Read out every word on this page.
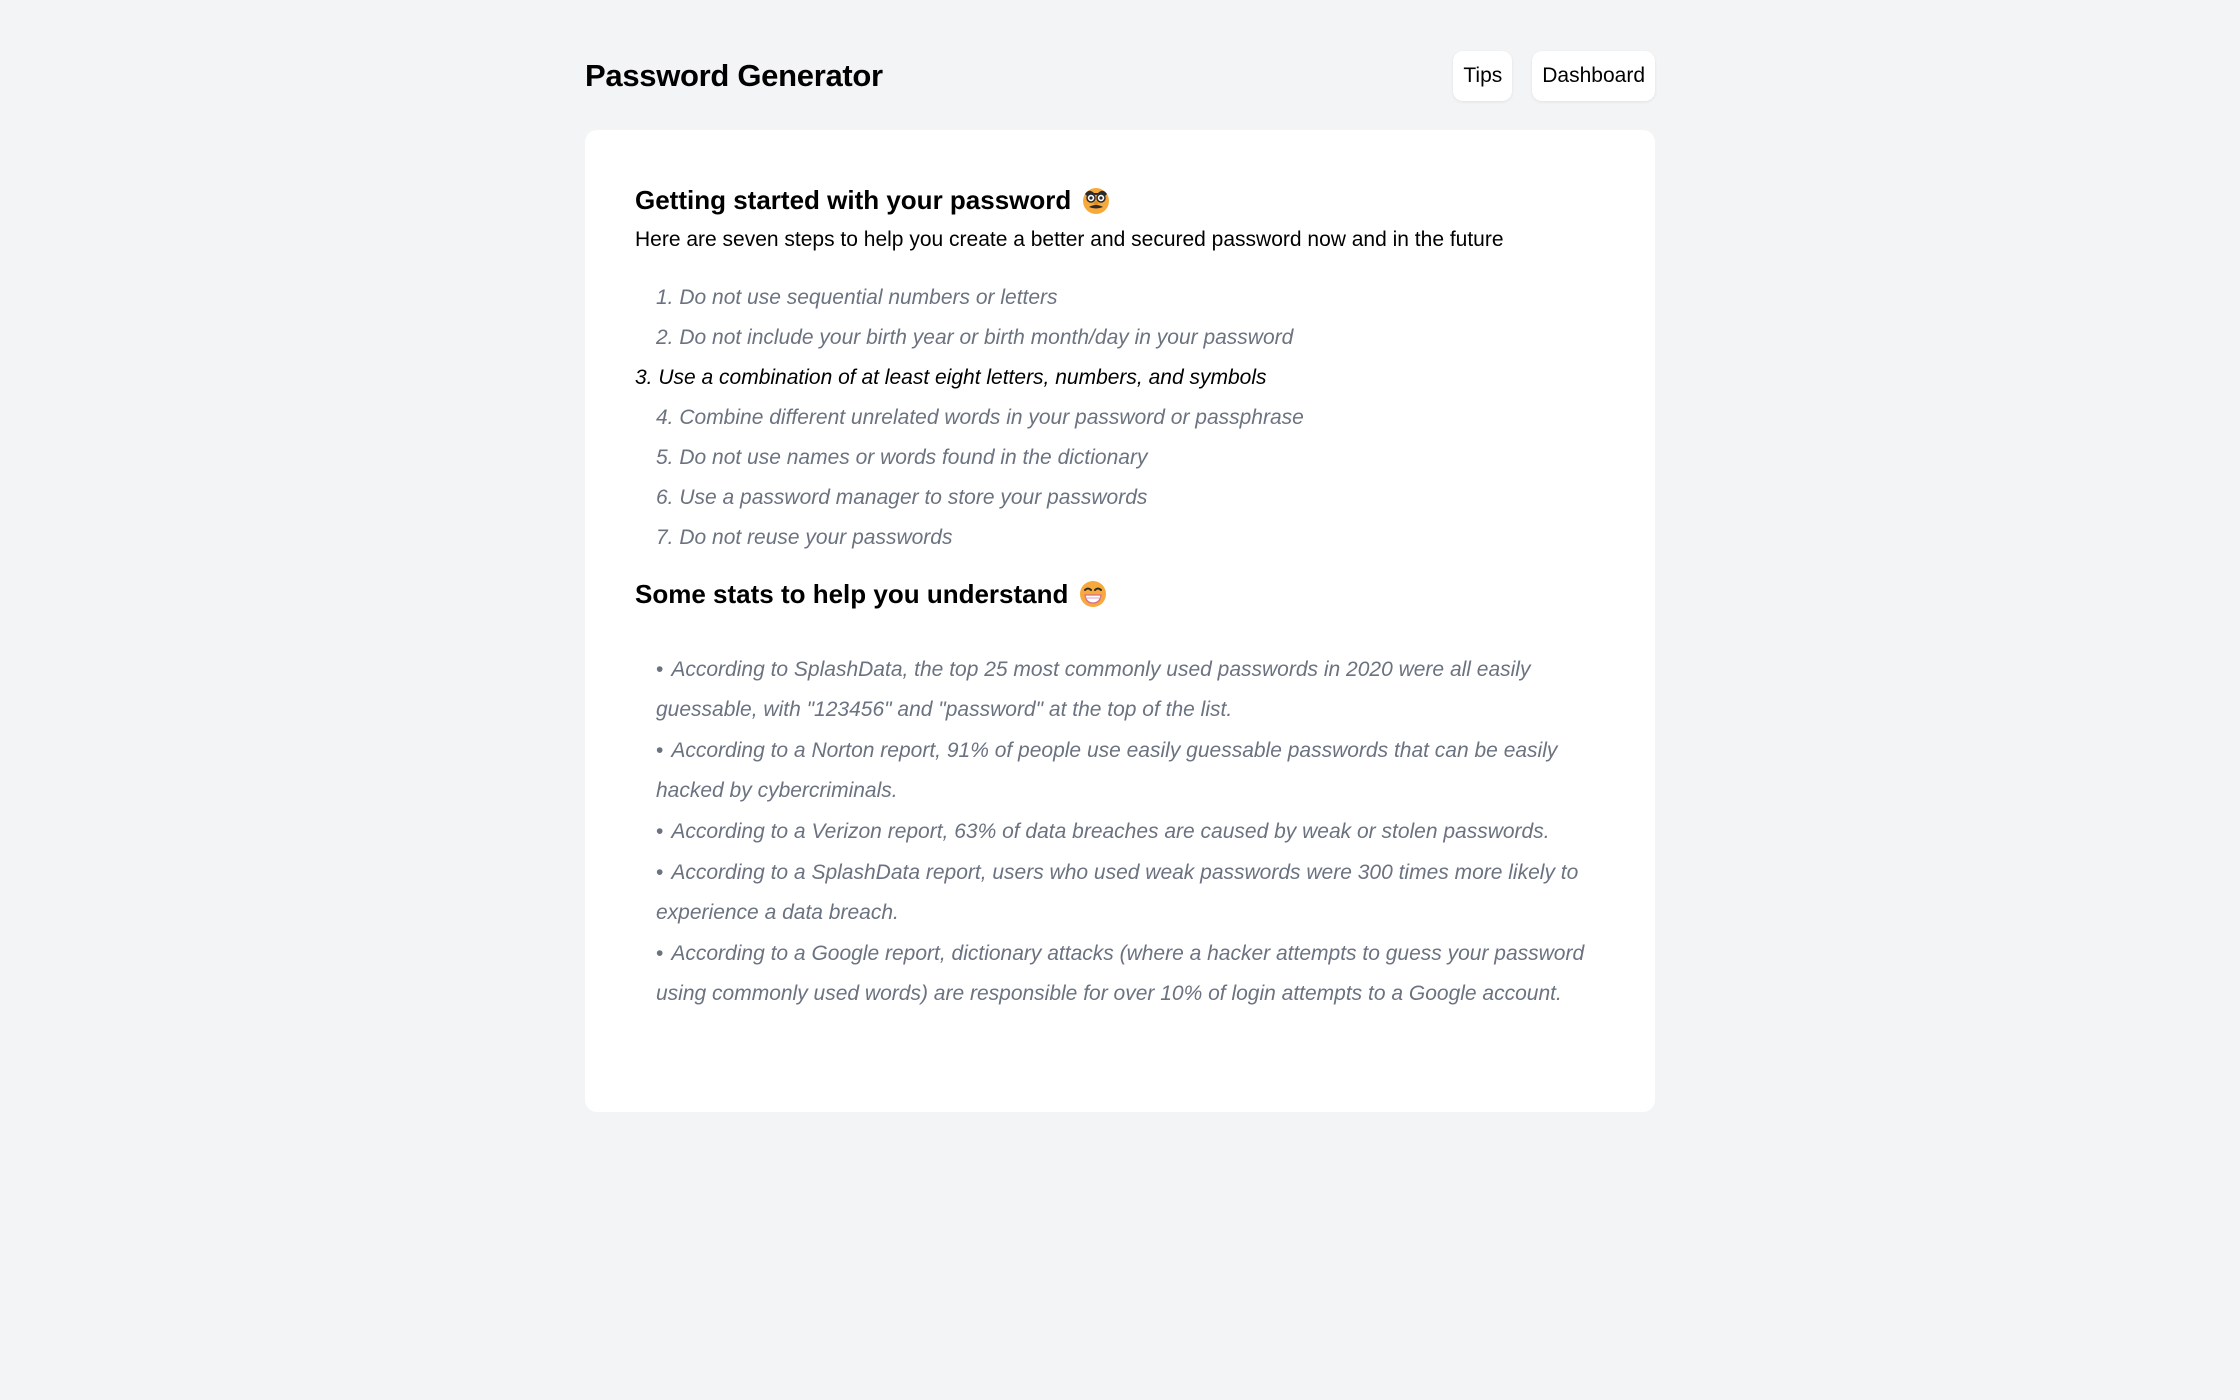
Password Generator	Tips	Dashboard
Getting started with your password

Here are seven steps to help you create a better and secured password now and in the future

1. Do not use sequential numbers or letters
2. Do not include your birth year or birth month/day in your password
3. Use a combination of at least eight letters, numbers, and symbols
4. Combine different unrelated words in your password or passphrase
5. Do not use names or words found in the dictionary
6. Use a password manager to store your passwords
7. Do not reuse your passwords
Some stats to help you understand
• According to SplashData, the top 25 most commonly used passwords in 2020 were all easily guessable, with "123456" and "password" at the top of the list.
• According to a Norton report, 91% of people use easily guessable passwords that can be easily hacked by cybercriminals.
• According to a Verizon report, 63% of data breaches are caused by weak or stolen passwords.
• According to a SplashData report, users who used weak passwords were 300 times more likely to experience a data breach.
• According to a Google report, dictionary attacks (where a hacker attempts to guess your password using commonly used words) are responsible for over 10% of login attempts to a Google account.
